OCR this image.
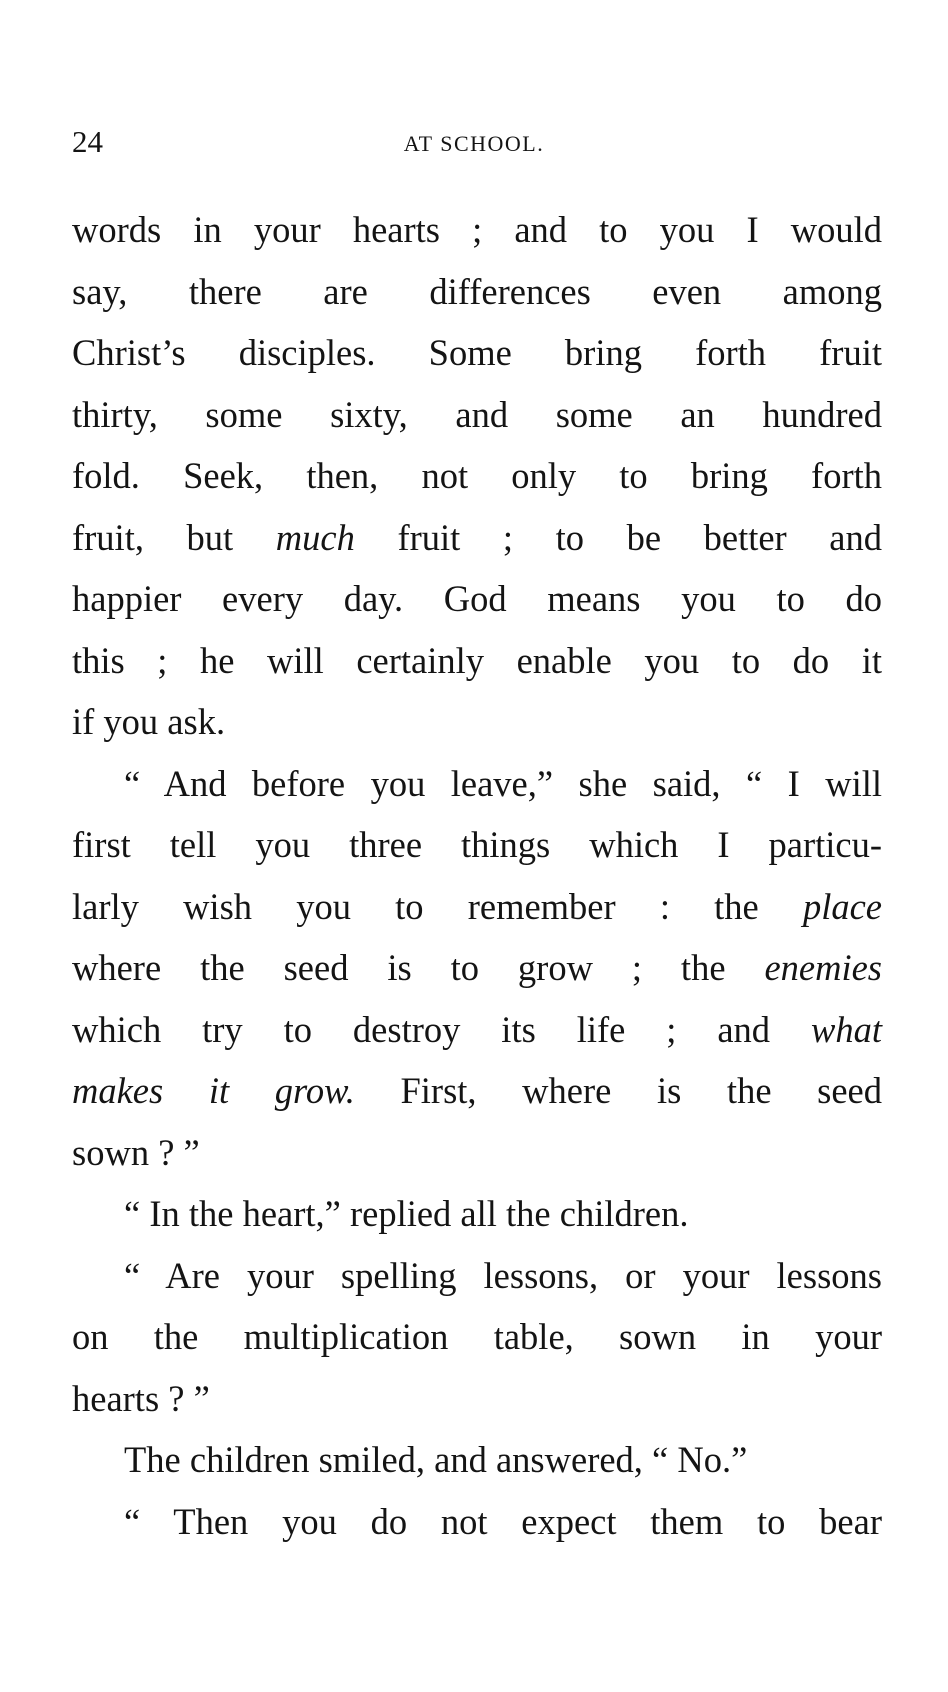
24	AT SCHOOL.
words in your hearts ; and to you I would
say, there are differences even among
Christ’s disciples. Some bring forth fruit
thirty, some sixty, and some an hundred
fold. Seek, then, not only to bring forth
fruit, but much fruit ; to be better and
happier every day. God means you to do
this ; he will certainly enable you to do it
if you ask.
“ And before you leave,” she said, “ I will
first tell you three things which I particu-
larly wish you to remember : the place
where the seed is to grow ; the enemies
which try to destroy its life ; and what
makes it grow. First, where is the seed
sown ? ”
“ In the heart,” replied all the children.
“ Are your spelling lessons, or your lessons
on the multiplication table, sown in your
hearts ? ”
The children smiled, and answered, “ No.”
“ Then you do not expect them to bear
